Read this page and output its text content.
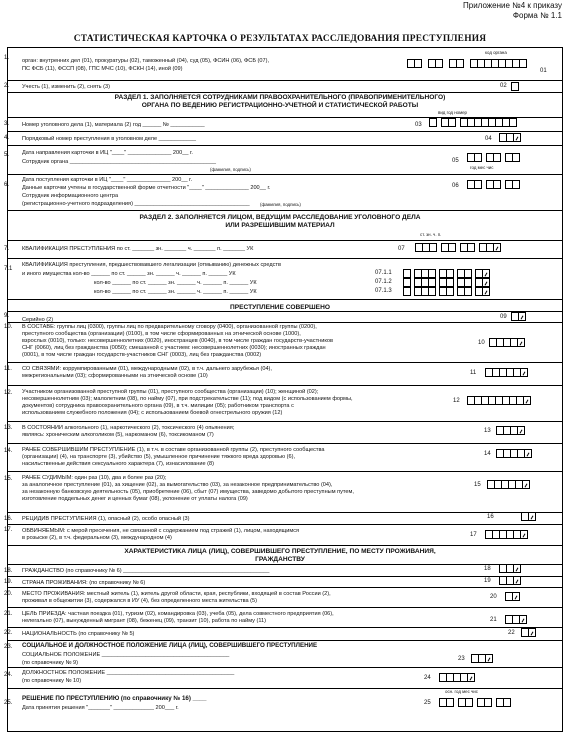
Приложение №4 к приказу
Форма № 1.1
СТАТИСТИЧЕСКАЯ КАРТОЧКА О РЕЗУЛЬТАТАХ РАССЛЕДОВАНИЯ ПРЕСТУПЛЕНИЯ
1. орган: внутренних дел (01), прокуратуры (02), таможенный (04), суд (05), ФСИН (06), ФСБ (07),
ПС ФСБ (11), ФССП (08), ГПС МЧС (10), ФСКН (14), иной (09)
код органа
01
2. Учесть (1), изменить (2), снять (3)	02
РАЗДЕЛ 1. ЗАПОЛНЯЕТСЯ СОТРУДНИКАМИ ПРАВООХРАНИТЕЛЬНОГО (ПРАВОПРИМЕНИТЕЛЬНОГО)
ОРГАНА ПО ВЕДЕНИЮ РЕГИСТРАЦИОННО-УЧЕТНОЙ И СТАТИСТИЧЕСКОЙ РАБОТЫ
вид год номер
3. Номер уголовного дела (1), материала (2) год ______ № ___________	03
4. Порядковый номер преступления в уголовном деле ____________	04
5. Дата направления карточки в ИЦ "____" ______________ 200__ г.
Сотрудник органа _______________________________________________
(фамилия, подпись)
05
год мес чис
6.
Дата поступления карточки в ИЦ "____" ______________ 200__ г.
Данные карточки учтены в государственной форме отчетности "____" ______________ 200__ г.
Сотрудник информационного центра
(регистрационно-учетного подразделения) _____________________________________ (фамилия, подпись)
06
РАЗДЕЛ 2. ЗАПОЛНЯЕТСЯ ЛИЦОМ, ВЕДУЩИМ РАССЛЕДОВАНИЕ УГОЛОВНОГО ДЕЛА
ИЛИ РАЗРЕШИВШИМ МАТЕРИАЛ
ст. зн. ч. п.
7. КВАЛИФИКАЦИЯ ПРЕСТУПЛЕНИЯ по ст. _______ зн. _______ ч. _______ п. _______ УК	07
7.1
КВАЛИФИКАЦИЯ преступления, предшествовавшего легализации (отмыванию) денежных средств
и иного имущества кол-во ______ по ст. ______ зн. ______ ч. ______ п. ______ УК
кол-во ______ по ст. ______ зн. ______ ч. ______ п. ______ УК
кол-во ______ по ст. ______ зн. ______ ч. ______ п. ______ УК
07.1.1
07.1.2
07.1.3
ПРЕСТУПЛЕНИЕ СОВЕРШЕНО
9.
Серийно (2)	09
10. В СОСТАВЕ: группы лиц (0300), группы лиц по предварительному сговору (0400), организованной группы (0200),
преступного сообщества (организации) (0100), в том числе сформированных на этнической основе (1000),
взрослых (0010), только: несовершеннолетних (0020), иностранцев (0040), в том числе граждан государств-участников
СНГ (0060), лиц без гражданства (0050); смешанной с участием: несовершеннолетних (0030); иностранных граждан
(0001), в том числе граждан государств-участников СНГ (0003), лиц без гражданства (0002)
10
11. СО СВЯЗЯМИ: коррумпированными (01), международными (02), в т.ч. дальнего зарубежья (04),
межрегиональными (03); сформированными на этнической основе (10)	11
12. Участником организованной преступной группы (01), преступного сообщества (организации) (10); женщиной (02);
несовершеннолетним (03); малолетним (08), по найму (07), при подстрекательстве (11); под видом (с использованием формы,
документов) сотрудника правоохранительного органа (09), в т.ч. милиции (05); работником транспорта с
использованием служебного положения (04); с использованием боевой огнестрельного оружия (12)
12
13. В СОСТОЯНИИ алкогольного (1), наркотического (2), токсического (4) опьянения;
являясь: хроническим алкоголиком (5), наркоманом (6), токсикоманом (7)
13
14. РАНЕЕ СОВЕРШИВШИМ ПРЕСТУПЛЕНИЕ (1), в т.ч. в составе организованной группы (2), преступного сообщества
(организации) (4), на транспорте (3), убийство (5), умышленное причинение тяжкого вреда здоровью (6),
насильственные действия сексуального характера (7), изнасилование (8)
14
15. РАНЕЕ СУДИМЫМ: один раз (10), два и более раз (20);
за аналогичное преступление (01), за хищение (02), за вымогательство (03), за незаконное предпринимательство (04),
за незаконную банковскую деятельность (05), приобретение (06), сбыт (07) имущества, заведомо добытого преступным путем,
изготовление поддельных денег и ценных бумаг (08), уклонение от уплаты налога (09)
15
16. РЕЦИДИВ ПРЕСТУПЛЕНИЯ (1), опасный (2), особо опасный (3)	16
17. ОБВИНЯЕМЫМ: с мерой пресечения, не связанной с содержанием под стражей (1), лицом, находящимся
в розыске (2), в т.ч. федеральном (3), международном (4)	17
ХАРАКТЕРИСТИКА ЛИЦА (ЛИЦ), СОВЕРШИВШЕГО ПРЕСТУПЛЕНИЕ, ПО МЕСТУ ПРОЖИВАНИЯ,
ГРАЖДАНСТВУ
18. ГРАЖДАНСТВО (по справочнику № 6) _______________________________________________	18
19. СТРАНА ПРОЖИВАНИЯ: (по справочнику № 6)	19
20. МЕСТО ПРОЖИВАНИЯ: местный житель (1), житель другой области, края, республики, входящей в состав России (2),
проживал в общежитии (3), содержался в ИУ (4), без определенного места жительства (5)
20
21. ЦЕЛЬ ПРИЕЗДА: частная поездка (01), туризм (02), командировка (03), учеба (05), дела совместного предприятия (06),
нелегально (07), вынужденный мигрант (08), беженец (09), транзит (10), работа по найму (11)	21
22. НАЦИОНАЛЬНОСТЬ (по справочнику № 5)	22
23. СОЦИАЛЬНОЕ И ДОЛЖНОСТНОЕ ПОЛОЖЕНИЕ ЛИЦА (ЛИЦ), СОВЕРШИВШЕГО ПРЕСТУПЛЕНИЕ
СОЦИАЛЬНОЕ ПОЛОЖЕНИЕ _________________________________________
(по справочнику № 9)
23
24. ДОЛЖНОСТНОЕ ПОЛОЖЕНИЕ _________________________________________
(по справочнику № 10)	24
осн. год мес чис
25.
РЕШЕНИЕ ПО ПРЕСТУПЛЕНИЮ (по справочнику № 16) ____
Дата принятия решения "_______" _____________ 200___ г.
25
